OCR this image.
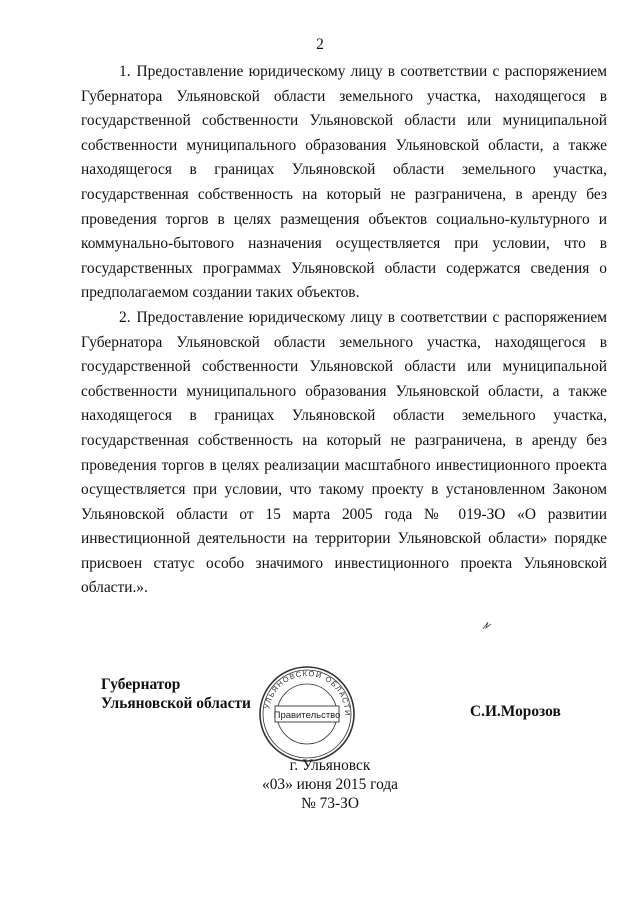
2

1. Предоставление юридическому лицу в соответствии с распоряжением Губернатора Ульяновской области земельного участка, находящегося в государственной собственности Ульяновской области или муниципальной собственности муниципального образования Ульяновской области, а также находящегося в границах Ульяновской области земельного участка, государственная собственность на который не разграничена, в аренду без проведения торгов в целях размещения объектов социально-культурного и коммунально-бытового назначения осуществляется при условии, что в государственных программах Ульяновской области содержатся сведения о предполагаемом создании таких объектов.

2. Предоставление юридическому лицу в соответствии с распоряжением Губернатора Ульяновской области земельного участка, находящегося в государственной собственности Ульяновской области или муниципальной собственности муниципального образования Ульяновской области, а также находящегося в границах Ульяновской области земельного участка, государственная собственность на который не разграничена, в аренду без проведения торгов в целях реализации масштабного инвестиционного проекта осуществляется при условии, что такому проекту в установленном Законом Ульяновской области от 15 марта 2005 года № 019-ЗО «О развитии инвестиционной деятельности на территории Ульяновской области» порядке присвоен статус особо значимого инвестиционного проекта Ульяновской области.».

Губернатор
Ульяновской области УЛЬЯНОВСКОЙ ОБЛАСТИ
Правительство	С.И.Морозов
г. Ульяновск
«03» июня 2015 года
№ 73-ЗО
